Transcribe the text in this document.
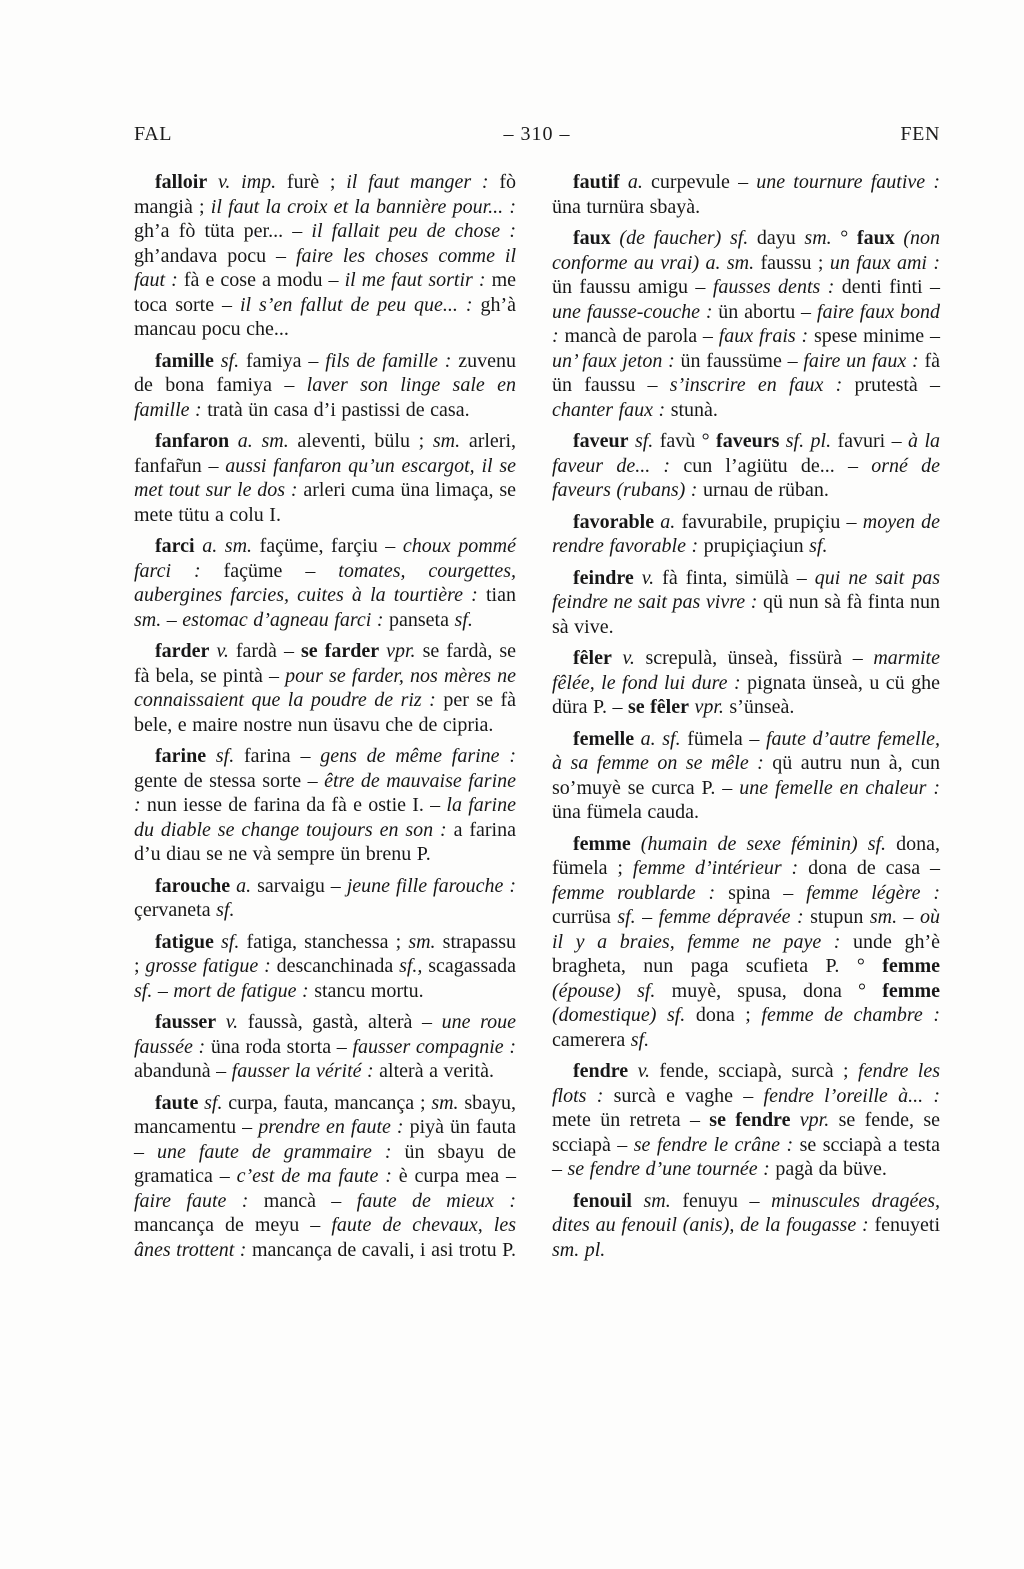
FAL	– 310 –	FEN

falloir v. imp. furè ; il faut manger : fò mangià ; il faut la croix et la bannière pour... : gh’a fò tüta per... – il fallait peu de chose : gh’andava pocu – faire les choses comme il faut : fà e cose a modu – il me faut sortir : me toca sorte – il s’en fallut de peu que... : gh’à mancau pocu che...

famille sf. famiya – fils de famille : zuvenu de bona famiya – laver son linge sale en famille : tratà ün casa d’i pastissi de casa.

fanfaron a. sm. aleventi, bülu ; sm. arleri, fanfar̃un – aussi fanfaron qu’un escargot, il se met tout sur le dos : arleri cuma üna limaça, se mete tütu a colu I.

farci a. sm. façüme, farçiu – choux pommé farci : façüme – tomates, courgettes, aubergines farcies, cuites à la tourtière : tian sm. – estomac d’agneau farci : panseta sf.

farder v. fardà – se farder vpr. se fardà, se fà bela, se pintà – pour se farder, nos mères ne connaissaient que la poudre de riz : per se fà bele, e maire nostre nun üsavu che de cipria.

farine sf. farina – gens de même farine : gente de stessa sorte – être de mauvaise farine : nun iesse de farina da fà e ostie I. – la farine du diable se change toujours en son : a farina d’u diau se ne và sempre ün brenu P.

farouche a. sarvaigu – jeune fille farouche : çervaneta sf.

fatigue sf. fatiga, stanchessa ; sm. strapassu ; grosse fatigue : descanchinada sf., scagassada sf. – mort de fatigue : stancu mortu.

fausser v. faussà, gastà, alterà – une roue faussée : üna roda storta – fausser compagnie : abandunà – fausser la vérité : alterà a verità.

faute sf. curpa, fauta, mancança ; sm. sbayu, mancamentu – prendre en faute : piyà ün fauta – une faute de grammaire : ün sbayu de gramatica – c’est de ma faute : è curpa mea – faire faute : mancà – faute de mieux : mancança de meyu – faute de chevaux, les ânes trottent : mancança de cavali, i asi trotu P.

fautif a. curpevule – une tournure fautive : üna turnüra sbayà.

faux (de faucher) sf. dayu sm. ° faux (non conforme au vrai) a. sm. faussu ; un faux ami : ün faussu amigu – fausses dents : denti finti – une fausse-couche : ün abortu – faire faux bond : mancà de parola – faux frais : spese minime – un’ faux jeton : ün faussüme – faire un faux : fà ün faussu – s’inscrire en faux : prutestà – chanter faux : stunà.

faveur sf. favù ° faveurs sf. pl. favuri – à la faveur de... : cun l’agiütu de... – orné de faveurs (rubans) : urnau de rüban.

favorable a. favurabile, prupiçiu – moyen de rendre favorable : prupiçiaçiun sf.

feindre v. fà finta, simülà – qui ne sait pas feindre ne sait pas vivre : qü nun sà fà finta nun sà vive.

fêler v. screpulà, ünseà, fissürà – marmite fêlée, le fond lui dure : pignata ünseà, u cü ghe düra P. – se fêler vpr. s’ünseà.

femelle a. sf. fümela – faute d’autre femelle, à sa femme on se mêle : qü autru nun à, cun so’muyè se curca P. – une femelle en chaleur : üna fümela cauda.

femme (humain de sexe féminin) sf. dona, fümela ; femme d’intérieur : dona de casa – femme roublarde : spina – femme légère : currüsa sf. – femme dépravée : stupun sm. – où il y a braies, femme ne paye : unde gh’è bragheta, nun paga scufieta P. ° femme (épouse) sf. muyè, spusa, dona ° femme (domestique) sf. dona ; femme de chambre : camerera sf.

fendre v. fende, scciapà, surcà ; fendre les flots : surcà e vaghe – fendre l’oreille à... : mete ün retreta – se fendre vpr. se fende, se scciapà – se fendre le crâne : se scciapà a testa – se fendre d’une tournée : pagà da büve.

fenouil sm. fenuyu – minuscules dragées, dites au fenouil (anis), de la fougasse : fenuyeti sm. pl.
